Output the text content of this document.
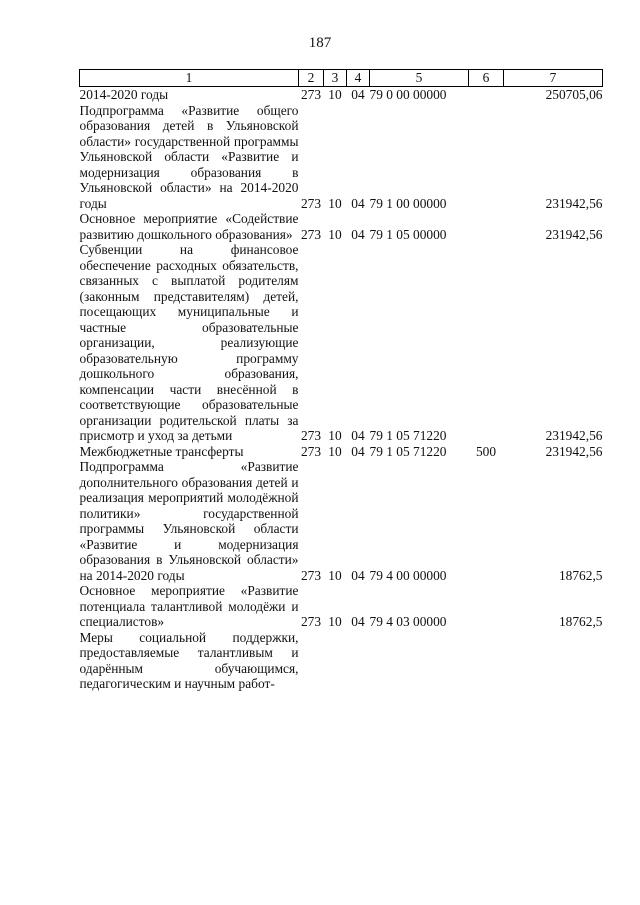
187
1	2	3	4	5	6	7
2014-2020 годы	273	10	04	79 0 00 00000		250705,06
Подпрограмма «Развитие общего образования детей в Ульяновской области» государственной программы Ульяновской области «Развитие и модернизация образования в Ульяновской области» на 2014-2020 годы	273	10	04	79 1 00 00000		231942,56
Основное мероприятие «Содействие развитию дошкольного образования»	273	10	04	79 1 05 00000		231942,56
Субвенции на финансовое обеспечение расходных обязательств, связанных с выплатой родителям (законным представителям) детей, посещающих муниципальные и частные образовательные организации, реализующие образовательную программу дошкольного образования, компенсации части внесённой в соответствующие образовательные организации родительской платы за присмотр и уход за детьми	273	10	04	79 1 05 71220		231942,56
Межбюджетные трансферты	273	10	04	79 1 05 71220	500	231942,56
Подпрограмма «Развитие дополнительного образования детей и реализация мероприятий молодёжной политики» государственной программы Ульяновской области «Развитие и модернизация образования в Ульяновской области» на 2014-2020 годы	273	10	04	79 4 00 00000		18762,5
Основное мероприятие «Развитие потенциала талантливой молодёжи и специалистов»	273	10	04	79 4 03 00000		18762,5
Меры социальной поддержки, предоставляемые талантливым и одарённым обучающимся, педагогическим и научным работ-						
